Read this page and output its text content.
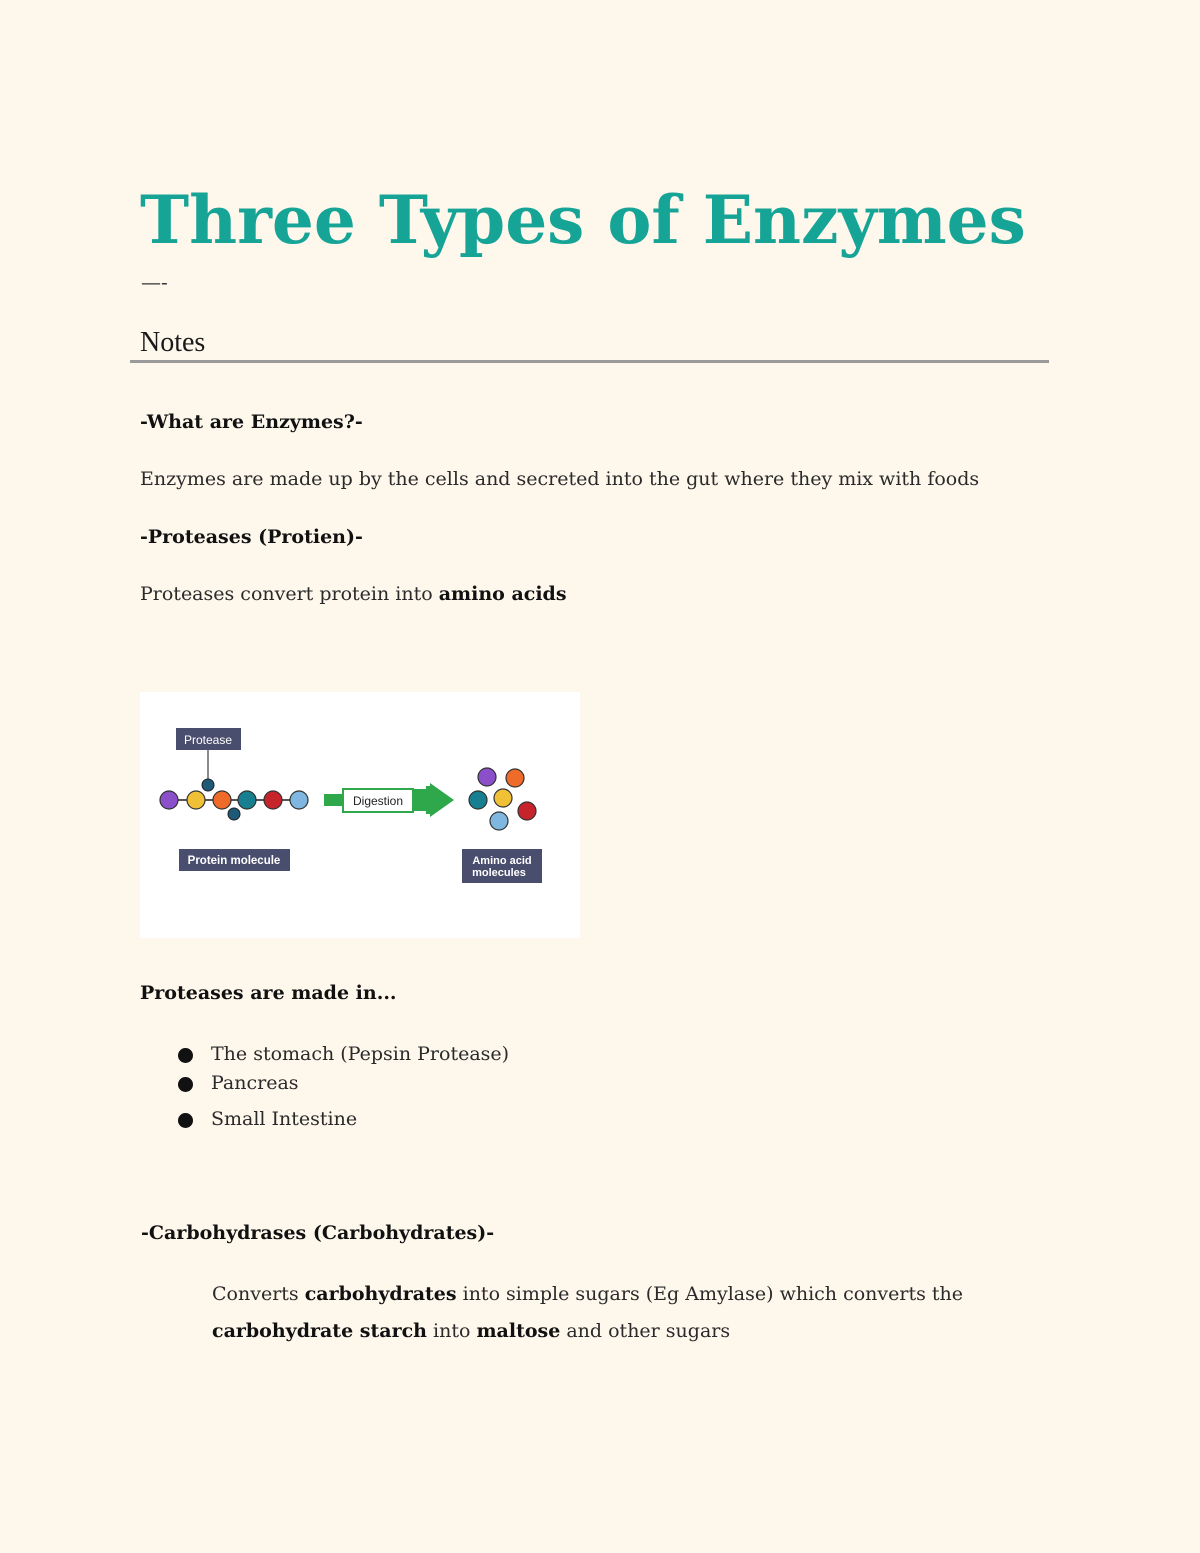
Three Types of Enzymes
—-
Notes

-What are Enzymes?-

Enzymes are made up by the cells and secreted into the gut where they mix with foods

-Proteases (Protien)-

Proteases convert protein into amino acids

Protease
Digestion
Protein molecule	Amino acid
molecules

Proteases are made in...

The stomach (Pepsin Protease)
Pancreas
Small Intestine

-Carbohydrases (Carbohydrates)-

Converts carbohydrates into simple sugars (Eg Amylase) which converts the carbohydrate starch into maltose and other sugars
